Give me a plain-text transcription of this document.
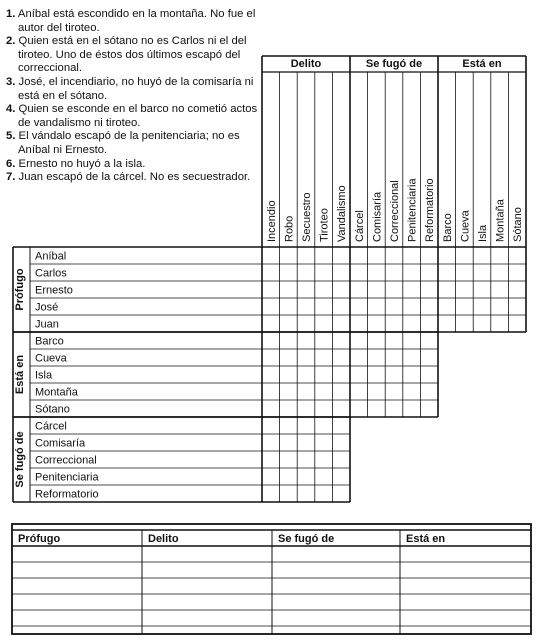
1. Aníbal está escondido en la montaña. No fue el autor del tiroteo.
2. Quien está en el sótano no es Carlos ni el del tiroteo. Uno de éstos dos últimos escapó del correccional.
3. José, el incendiario, no huyó de la comisaría ni está en el sótano.
4. Quien se esconde en el barco no cometió actos de vandalismo ni tiroteo.
5. El vándalo escapó de la penitenciaria; no es Aníbal ni Ernesto.
6. Ernesto no huyó a la isla.
7. Juan escapó de la cárcel. No es secuestrador.
Delito
Incendio Robo Secuestro Tiroteo Vandalismo
Se fugó de
Cárcel Comisaría Correccional Penitenciaria Reformatorio
Está en
Barco Cueva Isla Montaña Sótano
Prófugo
Aníbal
Carlos
Ernesto
José
Juan
Está en
Barco
Cueva
Isla
Montaña
Sótano
Se fugó de
Cárcel
Comisaría
Correccional
Penitenciaria
Reformatorio
Prófugo	Delito	Se fugó de	Está en
